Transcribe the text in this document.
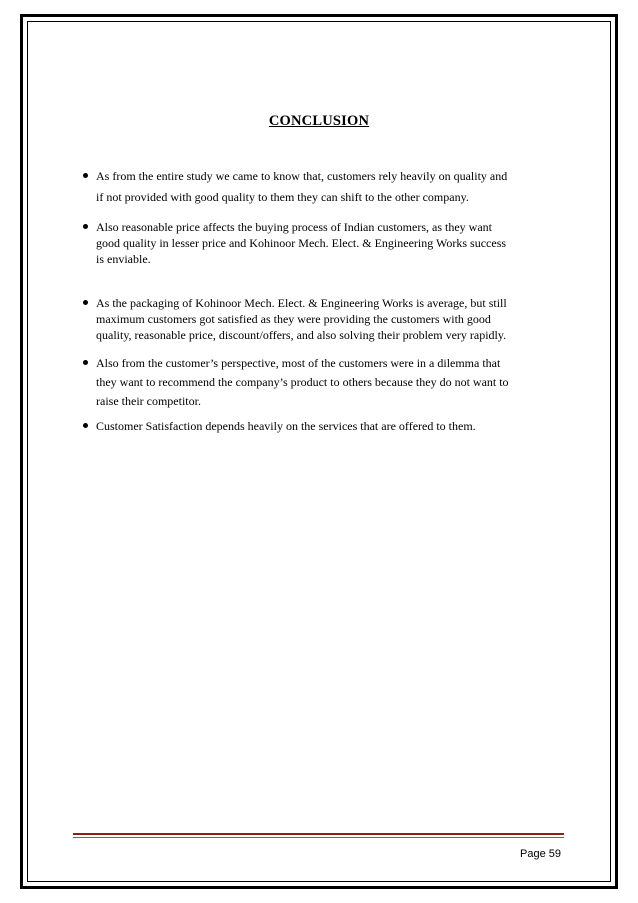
CONCLUSION
As from the entire study we came to know that, customers rely heavily on quality and
if not provided with good quality to them they can shift to the other company.
Also reasonable price affects the buying process of Indian customers, as they want
good quality in lesser price and Kohinoor Mech. Elect. & Engineering Works success
is enviable.
As the packaging of Kohinoor Mech. Elect. & Engineering Works is average, but still
maximum customers got satisfied as they were providing the customers with good
quality, reasonable price, discount/offers, and also solving their problem very rapidly.
Also from the customer’s perspective, most of the customers were in a dilemma that
they want to recommend the company’s product to others because they do not want to
raise their competitor.
Customer Satisfaction depends heavily on the services that are offered to them.
Page 59
